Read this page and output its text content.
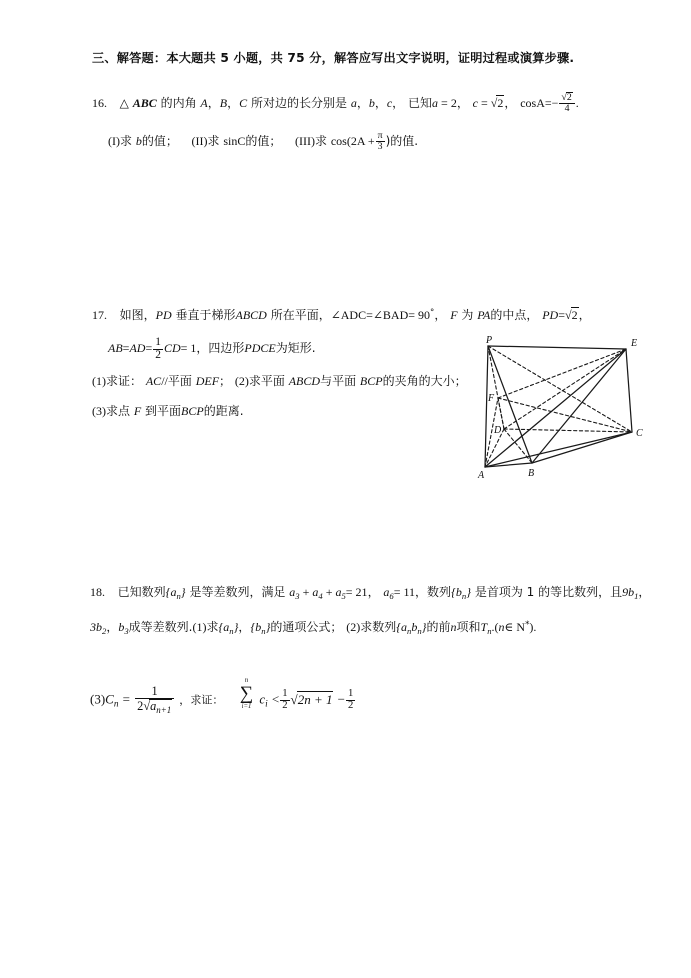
三、解答题：本大题共 5 小题，共 75 分，解答应写出文字说明，证明过程或演算步骤.
16. △ ABC 的内角 A，B，C 所对边的长分别是 a，b，c， 已知a = 2， c = √2， $\cos A=- \frac{√2}{4}$ .
(I)求 b的值； (II)求 sinC的值； (III)求 $\cos(2A + \frac{\pi}{3}$ )的值.
17. 如图，PD 垂直于梯形ABCD 所在平面，∠ADC=∠BAD= 90°， F 为 PA的中点， PD=√2，
$AB=AD= \frac{1}{2} CD= 1$，四边形PDCE为矩形.
(1)求证： AC//平面 DEF； (2)求平面 ABCD与平面 BCP的夹角的大小；
(3)求点 F 到平面BCP的距离.
P	E
F
D	C
A	B
18. 已知数列$\{a_n\}$ 是等差数列，满足 $a_3 + a_4 + a_5= 21$， $a_6= 11$，数列$\{b_n\}$ 是首项为 1 的等比数列，且$9b_1$，
$3b_2$，$b_3$成等差数列.(1)求$\{a_n\}$，$\{b_n\}$的通项公式； (2)求数列$\{a_nb_n\}$的前n项和$T_n.(n\in$ N*).
$(3)C_n = \frac{1}{2√a_{n+1}}$ ，求证：
n
∑
i=1 $c_i < \frac{1}{2} √2n + 1 - \frac{1}{2}$
